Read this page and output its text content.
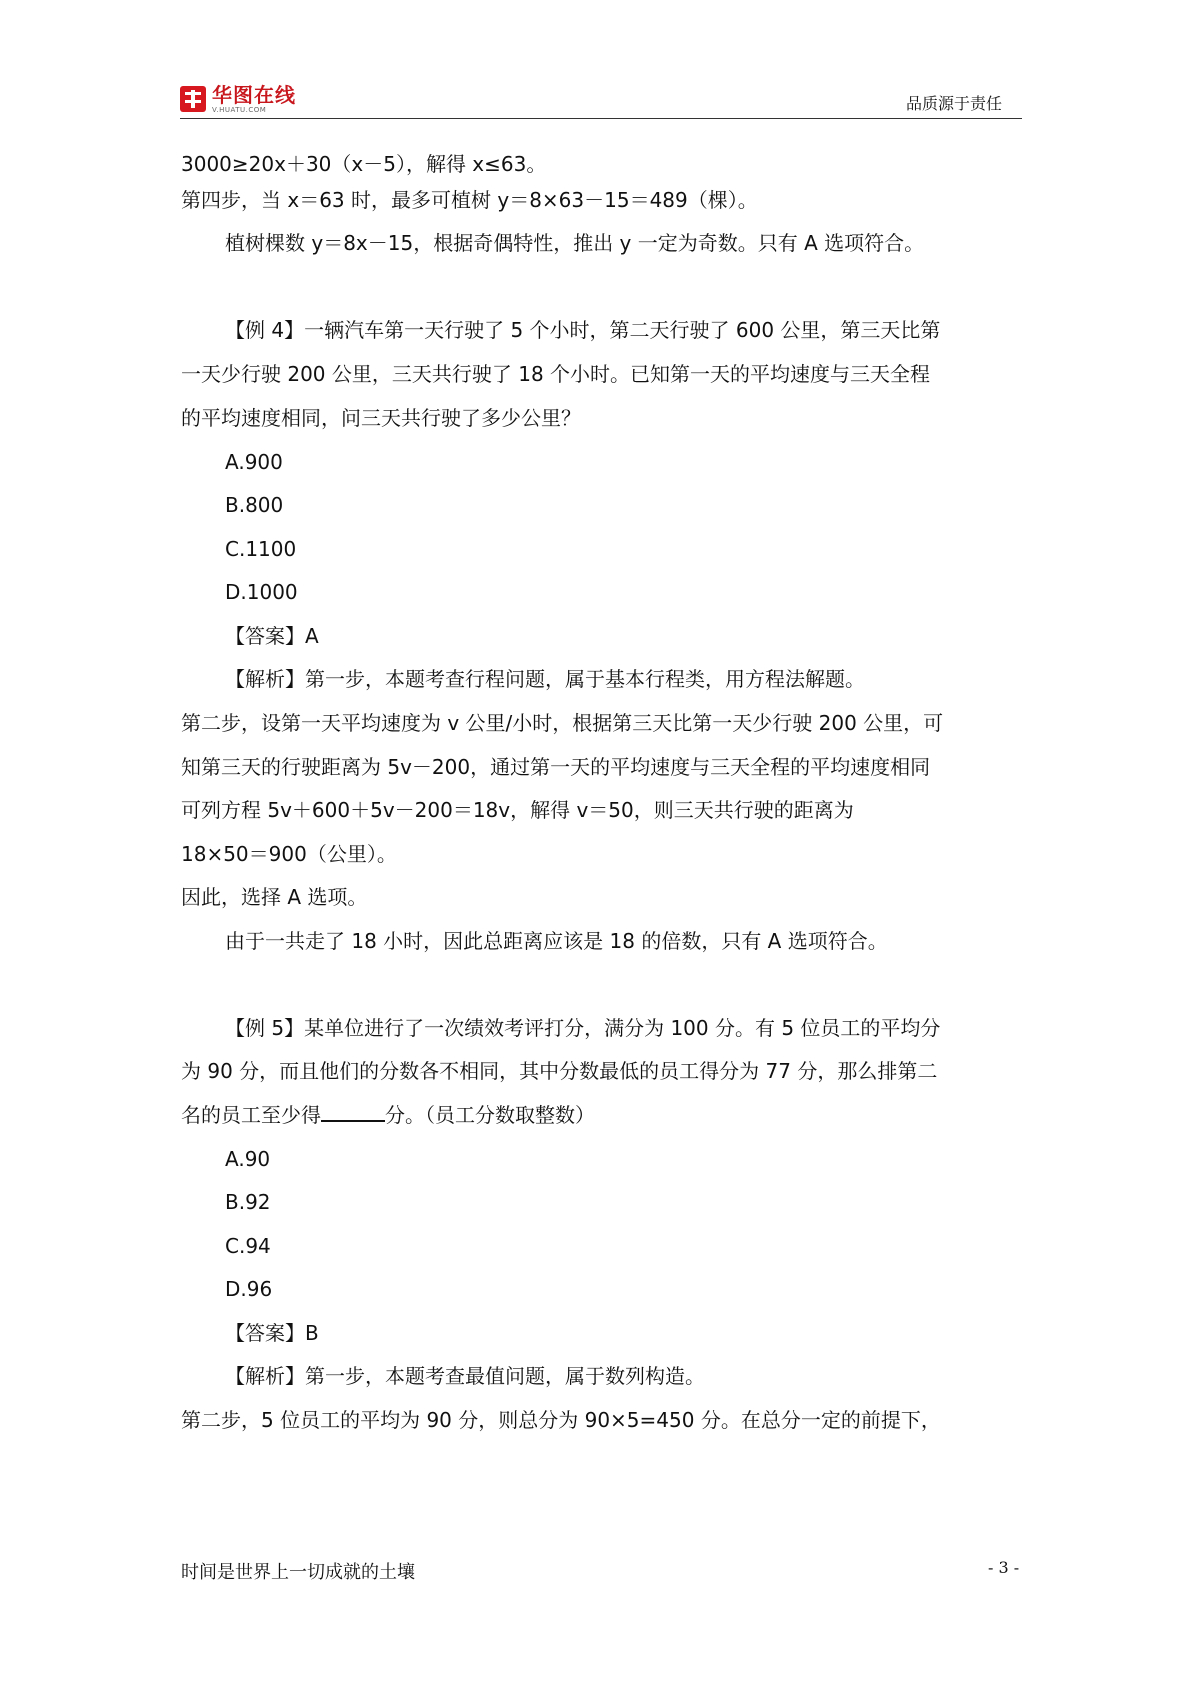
华图在线
V.HUATU.COM	品质源于责任
3000≥20x＋30（x－5），解得 x≤63。
第四步，当 x＝63 时，最多可植树 y＝8×63－15＝489（棵）。
植树棵数 y＝8x－15，根据奇偶特性，推出 y 一定为奇数。只有 A 选项符合。
【例 4】一辆汽车第一天行驶了 5 个小时，第二天行驶了 600 公里，第三天比第
一天少行驶 200 公里，三天共行驶了 18 个小时。已知第一天的平均速度与三天全程
的平均速度相同，问三天共行驶了多少公里？
A.900
B.800
C.1100
D.1000
【答案】A
【解析】第一步，本题考查行程问题，属于基本行程类，用方程法解题。
第二步，设第一天平均速度为 v 公里/小时，根据第三天比第一天少行驶 200 公里，可
知第三天的行驶距离为 5v－200，通过第一天的平均速度与三天全程的平均速度相同
可列方程 5v＋600＋5v－200＝18v，解得 v＝50，则三天共行驶的距离为
18×50＝900（公里）。
因此，选择 A 选项。
由于一共走了 18 小时，因此总距离应该是 18 的倍数，只有 A 选项符合。
【例 5】某单位进行了一次绩效考评打分，满分为 100 分。有 5 位员工的平均分
为 90 分，而且他们的分数各不相同，其中分数最低的员工得分为 77 分，那么排第二
名的员工至少得	分。（员工分数取整数）
A.90
B.92
C.94
D.96
【答案】B
【解析】第一步，本题考查最值问题，属于数列构造。
第二步，5 位员工的平均为 90 分，则总分为 90×5=450 分。在总分一定的前提下，
时间是世界上一切成就的土壤	- 3 -
